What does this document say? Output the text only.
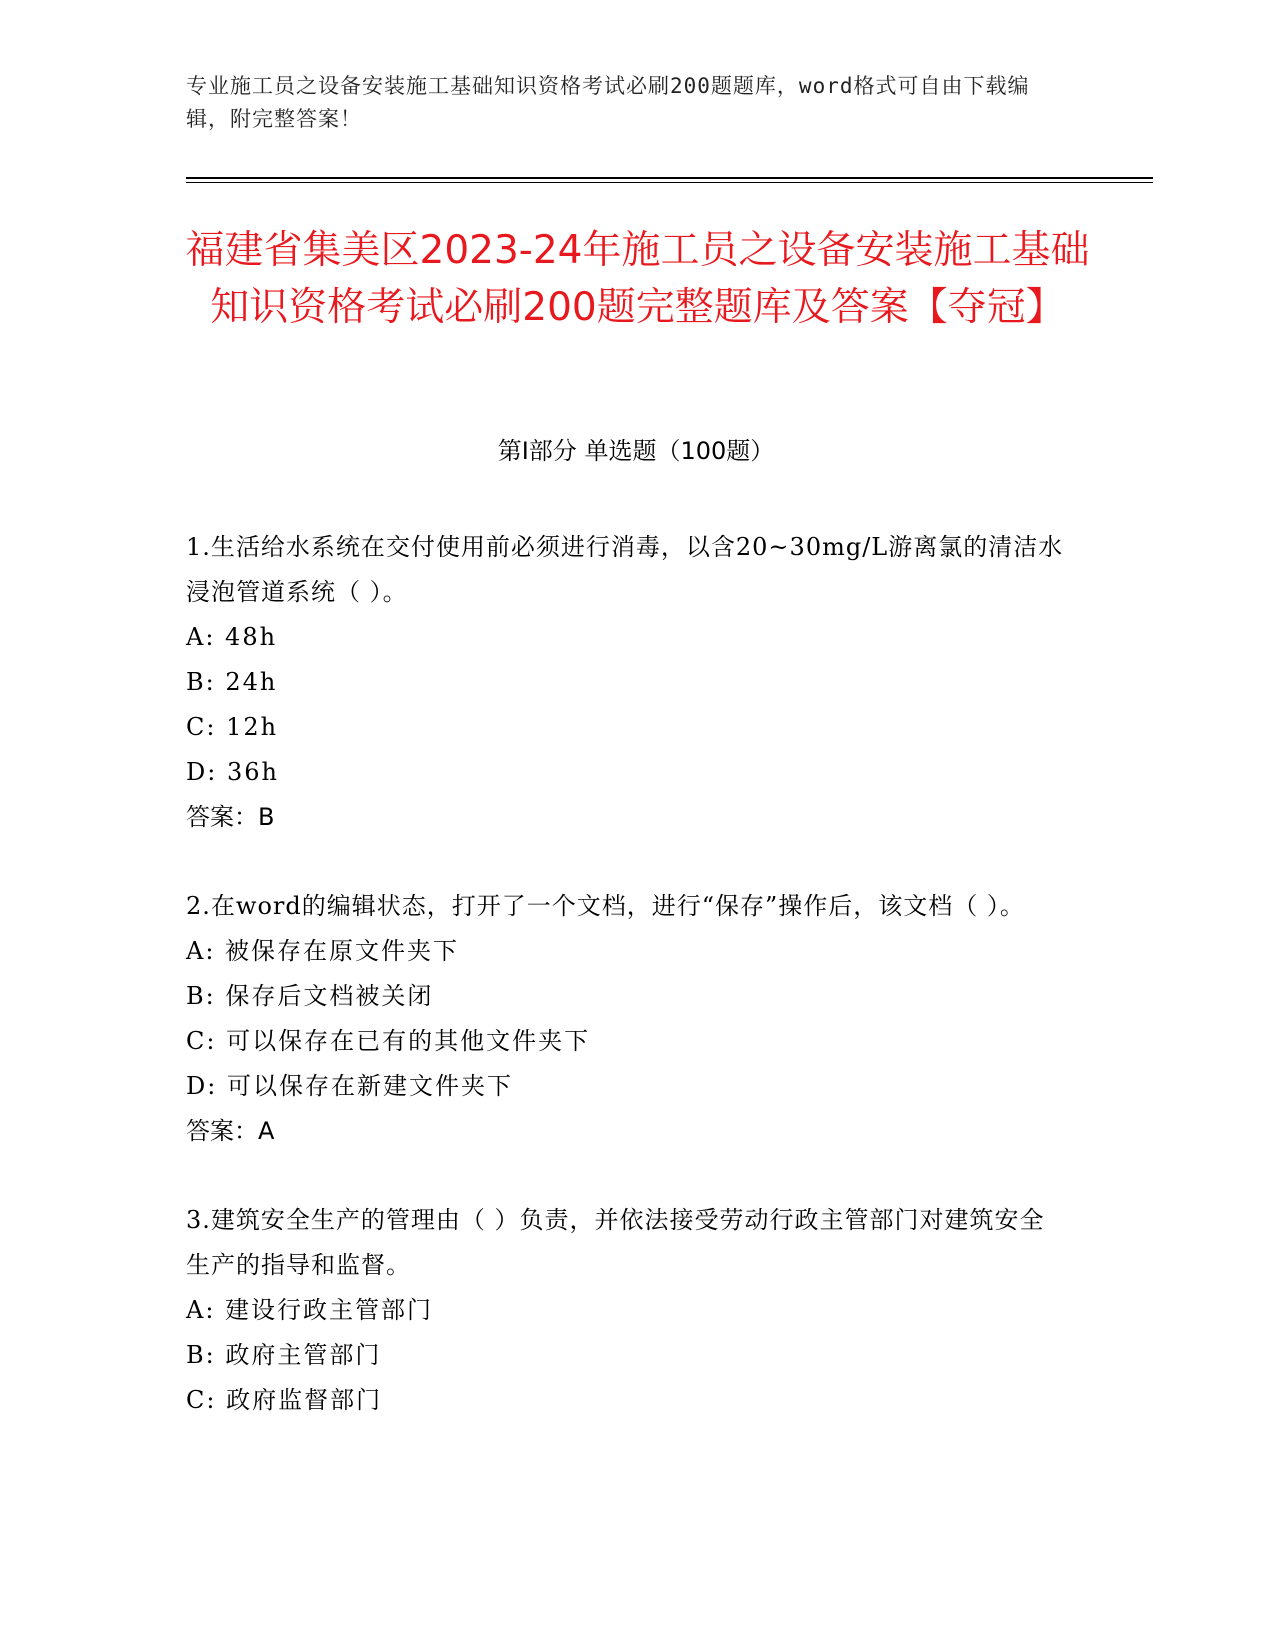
专业施工员之设备安装施工基础知识资格考试必刷200题题库，word格式可自由下载编辑，附完整答案！
福建省集美区2023-24年施工员之设备安装施工基础知识资格考试必刷200题完整题库及答案【夺冠】
第I部分 单选题（100题）

1.生活给水系统在交付使用前必须进行消毒，以含20~30mg/L游离氯的清洁水浸泡管道系统（ ）。

A: 48h

B: 24h

C: 12h

D: 36h

答案：B

2.在word的编辑状态，打开了一个文档，进行“保存”操作后，该文档（ ）。

A: 被保存在原文件夹下

B: 保存后文档被关闭

C: 可以保存在已有的其他文件夹下

D: 可以保存在新建文件夹下

答案：A

3.建筑安全生产的管理由（ ）负责，并依法接受劳动行政主管部门对建筑安全生产的指导和监督。

A: 建设行政主管部门

B: 政府主管部门

C: 政府监督部门
